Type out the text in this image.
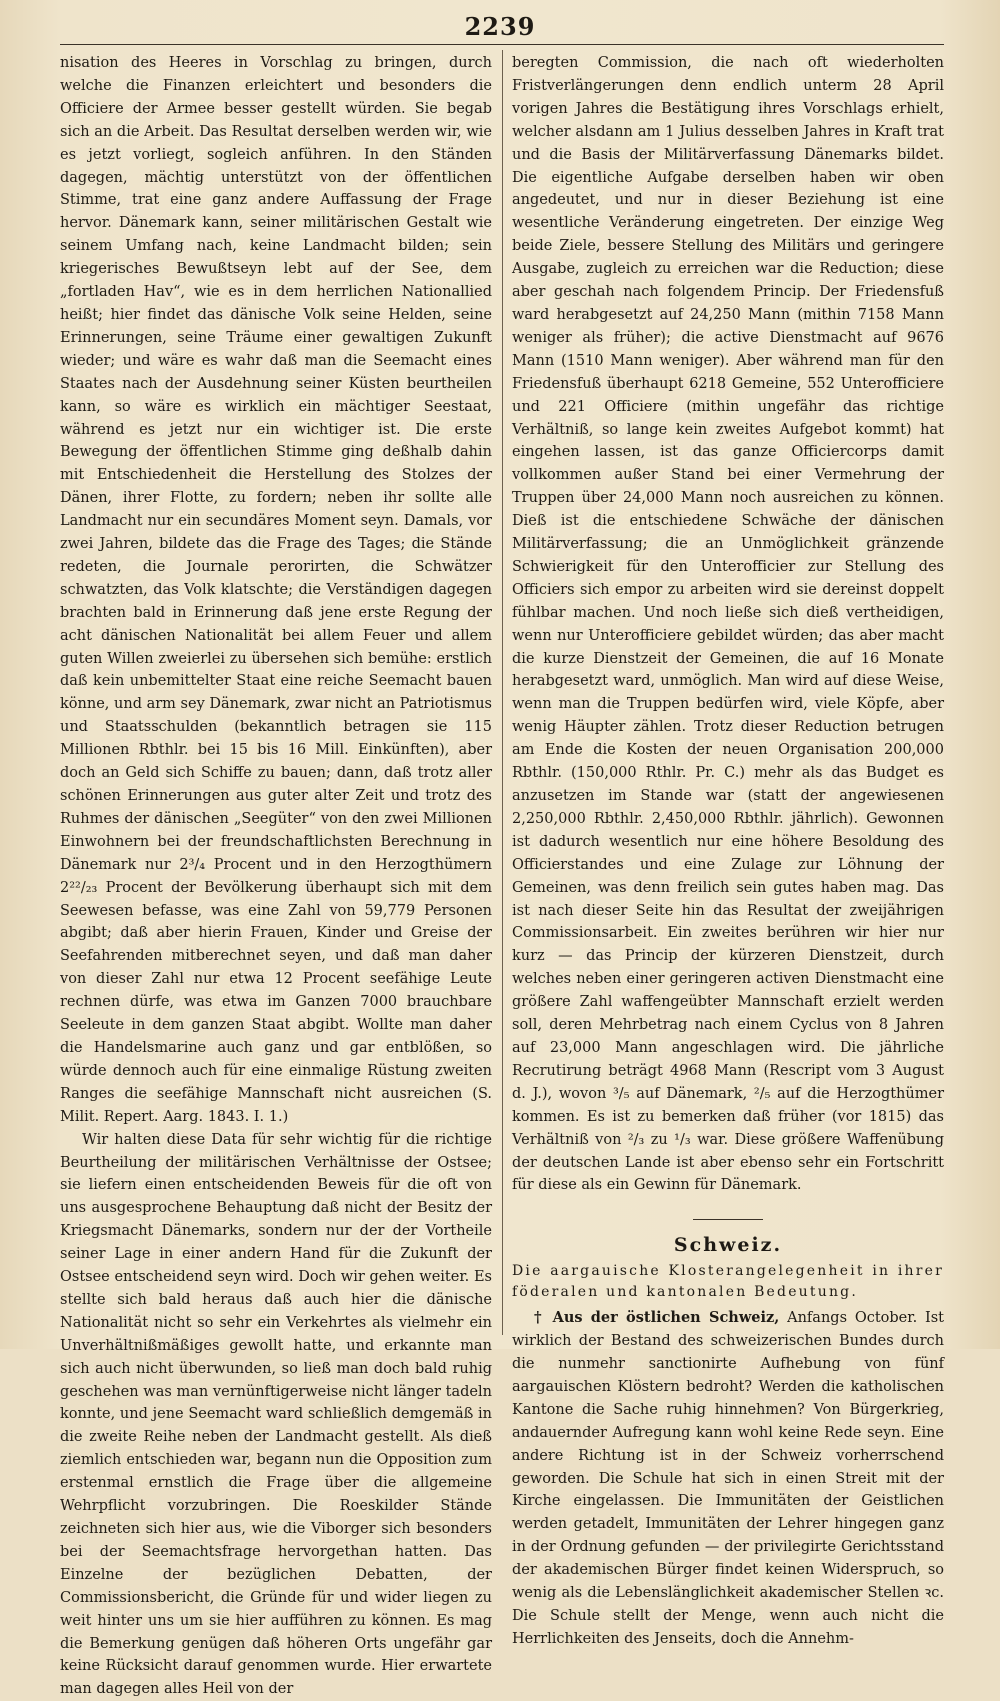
2239

nisation des Heeres in Vorschlag zu bringen, durch welche die Finanzen erleichtert und besonders die Officiere der Armee besser gestellt würden. Sie begab sich an die Arbeit. Das Resultat derselben werden wir, wie es jetzt vorliegt, sogleich anführen. In den Ständen dagegen, mächtig unterstützt von der öffentlichen Stimme, trat eine ganz andere Auffassung der Frage hervor. Dänemark kann, seiner militärischen Gestalt wie seinem Umfang nach, keine Landmacht bilden; sein kriegerisches Bewußtseyn lebt auf der See, dem „fortladen Hav“, wie es in dem herrlichen Nationallied heißt; hier findet das dänische Volk seine Helden, seine Erinnerungen, seine Träume einer gewaltigen Zukunft wieder; und wäre es wahr daß man die Seemacht eines Staates nach der Ausdehnung seiner Küsten beurtheilen kann, so wäre es wirklich ein mächtiger Seestaat, während es jetzt nur ein wichtiger ist. Die erste Bewegung der öffentlichen Stimme ging deßhalb dahin mit Entschiedenheit die Herstellung des Stolzes der Dänen, ihrer Flotte, zu fordern; neben ihr sollte alle Landmacht nur ein secundäres Moment seyn. Damals, vor zwei Jahren, bildete das die Frage des Tages; die Stände redeten, die Journale perorirten, die Schwätzer schwatzten, das Volk klatschte; die Verständigen dagegen brachten bald in Erinnerung daß jene erste Regung der acht dänischen Nationalität bei allem Feuer und allem guten Willen zweierlei zu übersehen sich bemühe: erstlich daß kein unbemittelter Staat eine reiche Seemacht bauen könne, und arm sey Dänemark, zwar nicht an Patriotismus und Staatsschulden (bekanntlich betragen sie 115 Millionen Rbthlr. bei 15 bis 16 Mill. Einkünften), aber doch an Geld sich Schiffe zu bauen; dann, daß trotz aller schönen Erinnerungen aus guter alter Zeit und trotz des Ruhmes der dänischen „Seegüter“ von den zwei Millionen Einwohnern bei der freundschaftlichsten Berechnung in Dänemark nur 2³/₄ Procent und in den Herzogthümern 2²²/₂₃ Procent der Bevölkerung überhaupt sich mit dem Seewesen befasse, was eine Zahl von 59,779 Personen abgibt; daß aber hierin Frauen, Kinder und Greise der Seefahrenden mitberechnet seyen, und daß man daher von dieser Zahl nur etwa 12 Procent seefähige Leute rechnen dürfe, was etwa im Ganzen 7000 brauchbare Seeleute in dem ganzen Staat abgibt. Wollte man daher die Handelsmarine auch ganz und gar entblößen, so würde dennoch auch für eine einmalige Rüstung zweiten Ranges die seefähige Mannschaft nicht ausreichen (S. Milit. Repert. Aarg. 1843. I. 1.)

Wir halten diese Data für sehr wichtig für die richtige Beurtheilung der militärischen Verhältnisse der Ostsee; sie liefern einen entscheidenden Beweis für die oft von uns ausgesprochene Behauptung daß nicht der Besitz der Kriegsmacht Dänemarks, sondern nur der der Vortheile seiner Lage in einer andern Hand für die Zukunft der Ostsee entscheidend seyn wird. Doch wir gehen weiter. Es stellte sich bald heraus daß auch hier die dänische Nationalität nicht so sehr ein Verkehrtes als vielmehr ein Unverhältnißmäßiges gewollt hatte, und erkannte man sich auch nicht überwunden, so ließ man doch bald ruhig geschehen was man vernünftigerweise nicht länger tadeln konnte, und jene Seemacht ward schließlich demgemäß in die zweite Reihe neben der Landmacht gestellt. Als dieß ziemlich entschieden war, begann nun die Opposition zum erstenmal ernstlich die Frage über die allgemeine Wehrpflicht vorzubringen. Die Roeskilder Stände zeichneten sich hier aus, wie die Viborger sich besonders bei der Seemachtsfrage hervorgethan hatten. Das Einzelne der bezüglichen Debatten, der Commissionsbericht, die Gründe für und wider liegen zu weit hinter uns um sie hier aufführen zu können. Es mag die Bemerkung genügen daß höheren Orts ungefähr gar keine Rücksicht darauf genommen wurde. Hier erwartete man dagegen alles Heil von der

beregten Commission, die nach oft wiederholten Fristverlängerungen denn endlich unterm 28 April vorigen Jahres die Bestätigung ihres Vorschlags erhielt, welcher alsdann am 1 Julius desselben Jahres in Kraft trat und die Basis der Militärverfassung Dänemarks bildet. Die eigentliche Aufgabe derselben haben wir oben angedeutet, und nur in dieser Beziehung ist eine wesentliche Veränderung eingetreten. Der einzige Weg beide Ziele, bessere Stellung des Militärs und geringere Ausgabe, zugleich zu erreichen war die Reduction; diese aber geschah nach folgendem Princip. Der Friedensfuß ward herabgesetzt auf 24,250 Mann (mithin 7158 Mann weniger als früher); die active Dienstmacht auf 9676 Mann (1510 Mann weniger). Aber während man für den Friedensfuß überhaupt 6218 Gemeine, 552 Unterofficiere und 221 Officiere (mithin ungefähr das richtige Verhältniß, so lange kein zweites Aufgebot kommt) hat eingehen lassen, ist das ganze Officiercorps damit vollkommen außer Stand bei einer Vermehrung der Truppen über 24,000 Mann noch ausreichen zu können. Dieß ist die entschiedene Schwäche der dänischen Militärverfassung; die an Unmöglichkeit gränzende Schwierigkeit für den Unterofficier zur Stellung des Officiers sich empor zu arbeiten wird sie dereinst doppelt fühlbar machen. Und noch ließe sich dieß vertheidigen, wenn nur Unterofficiere gebildet würden; das aber macht die kurze Dienstzeit der Gemeinen, die auf 16 Monate herabgesetzt ward, unmöglich. Man wird auf diese Weise, wenn man die Truppen bedürfen wird, viele Köpfe, aber wenig Häupter zählen. Trotz dieser Reduction betrugen am Ende die Kosten der neuen Organisation 200,000 Rbthlr. (150,000 Rthlr. Pr. C.) mehr als das Budget es anzusetzen im Stande war (statt der angewiesenen 2,250,000 Rbthlr. 2,450,000 Rbthlr. jährlich). Gewonnen ist dadurch wesentlich nur eine höhere Besoldung des Officierstandes und eine Zulage zur Löhnung der Gemeinen, was denn freilich sein gutes haben mag. Das ist nach dieser Seite hin das Resultat der zweijährigen Commissionsarbeit. Ein zweites berühren wir hier nur kurz — das Princip der kürzeren Dienstzeit, durch welches neben einer geringeren activen Dienstmacht eine größere Zahl waffengeübter Mannschaft erzielt werden soll, deren Mehrbetrag nach einem Cyclus von 8 Jahren auf 23,000 Mann angeschlagen wird. Die jährliche Recrutirung beträgt 4968 Mann (Rescript vom 3 August d. J.), wovon ³/₅ auf Dänemark, ²/₅ auf die Herzogthümer kommen. Es ist zu bemerken daß früher (vor 1815) das Verhältniß von ²/₃ zu ¹/₃ war. Diese größere Waffenübung der deutschen Lande ist aber ebenso sehr ein Fortschritt für diese als ein Gewinn für Dänemark.

Schweiz.
Die aargauische Klosterangelegenheit in ihrer föderalen und kantonalen Bedeutung.

† Aus der östlichen Schweiz, Anfangs October. Ist wirklich der Bestand des schweizerischen Bundes durch die nunmehr sanctionirte Aufhebung von fünf aargauischen Klöstern bedroht? Werden die katholischen Kantone die Sache ruhig hinnehmen? Von Bürgerkrieg, andauernder Aufregung kann wohl keine Rede seyn. Eine andere Richtung ist in der Schweiz vorherrschend geworden. Die Schule hat sich in einen Streit mit der Kirche eingelassen. Die Immunitäten der Geistlichen werden getadelt, Immunitäten der Lehrer hingegen ganz in der Ordnung gefunden — der privilegirte Gerichtsstand der akademischen Bürger findet keinen Widerspruch, so wenig als die Lebenslänglichkeit akademischer Stellen ꝛc. Die Schule stellt der Menge, wenn auch nicht die Herrlichkeiten des Jenseits, doch die Annehm-
